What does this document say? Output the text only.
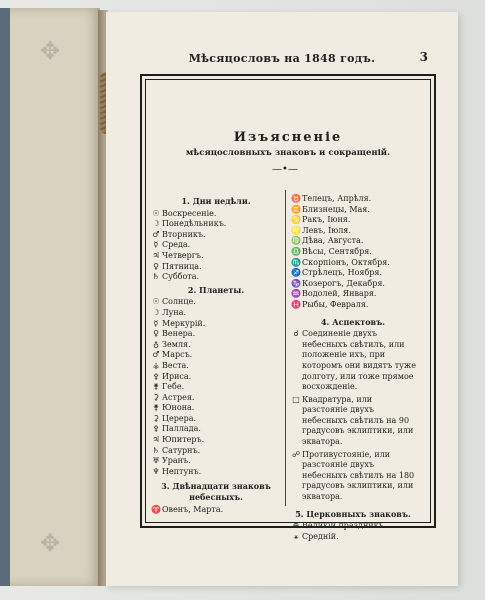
✥
✥
Мѣсяцословъ на 1848 годъ.	3
Изъясненіе
мѣсяцословныхъ знаковъ и сокращеній.
—•—
1. Дни недѣли.
☉ Воскресеніе.
☽ Понедѣльникъ.
♂ Вторникъ.
☿ Среда.
♃ Четвергъ.
♀ Пятница.
♄ Суббота.
2. Планеты.
☉ Солнце.
☽ Луна.
☿ Меркурій.
♀ Венера.
♁ Земля.
♂ Марсъ.
⚶ Веста.
⚴ Ириса.
⚵ Гебе.
⚳ Астрея.
⚵ Юнона.
⚳ Церера.
⚴ Паллада.
♃ Юпитеръ.
♄ Сатурнъ.
♅ Уранъ.
♆ Нептунъ.
3. Двѣнадцати знаковъ небесныхъ.
♈ Овенъ, Марта.
♉ Телецъ, Апрѣля.
♊ Близнецы, Мая.
♋ Ракъ, Іюня.
♌ Левъ, Іюля.
♍ Дѣва, Августа.
♎ Вѣсы, Сентября.
♏ Скорпіонъ, Октября.
♐ Стрѣлецъ, Ноября.
♑ Козерогъ, Декабря.
♒ Водолей, Января.
♓ Рыбы, Февраля.
4. Аспектовъ.
☌ Соединеніе двухъ небесныхъ свѣтилъ, или положеніе ихъ, при которомъ они видятъ туже долготу, или тоже прямое восхожденіе.
□ Квадратура, или разстояніе двухъ небесныхъ свѣтилъ на 90 градусовъ эклиптики, или экватора.
☍ Противустояніе, или разстояніе двухъ небесныхъ свѣтилъ на 180 градусовъ эклиптики, или экватора.
5. Церковныхъ знаковъ.
⊕ Великій праздникъ.
⚹ Средній.
